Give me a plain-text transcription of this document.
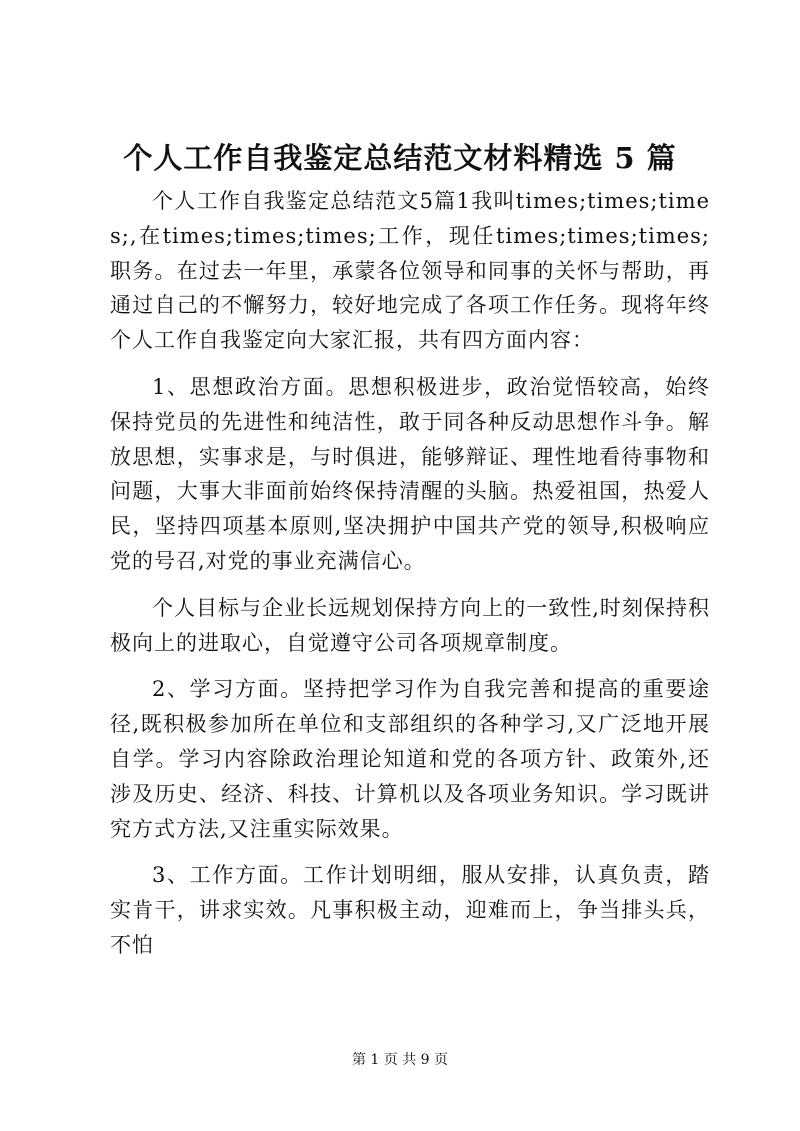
个人工作自我鉴定总结范文材料精选 5 篇

个人工作自我鉴定总结范文5篇1我叫times;times;times;,在times;times;times;工作，现任times;times;times;职务。在过去一年里，承蒙各位领导和同事的关怀与帮助，再通过自己的不懈努力，较好地完成了各项工作任务。现将年终个人工作自我鉴定向大家汇报，共有四方面内容：

1、思想政治方面。思想积极进步，政治觉悟较高，始终保持党员的先进性和纯洁性，敢于同各种反动思想作斗争。解放思想，实事求是，与时俱进，能够辩证、理性地看待事物和问题，大事大非面前始终保持清醒的头脑。热爱祖国，热爱人民，坚持四项基本原则,坚决拥护中国共产党的领导,积极响应党的号召,对党的事业充满信心。

个人目标与企业长远规划保持方向上的一致性,时刻保持积极向上的进取心，自觉遵守公司各项规章制度。

2、学习方面。坚持把学习作为自我完善和提高的重要途径,既积极参加所在单位和支部组织的各种学习,又广泛地开展自学。学习内容除政治理论知道和党的各项方针、政策外,还涉及历史、经济、科技、计算机以及各项业务知识。学习既讲究方式方法,又注重实际效果。

3、工作方面。工作计划明细，服从安排，认真负责，踏实肯干，讲求实效。凡事积极主动，迎难而上，争当排头兵，不怕

第 1 页 共 9 页
